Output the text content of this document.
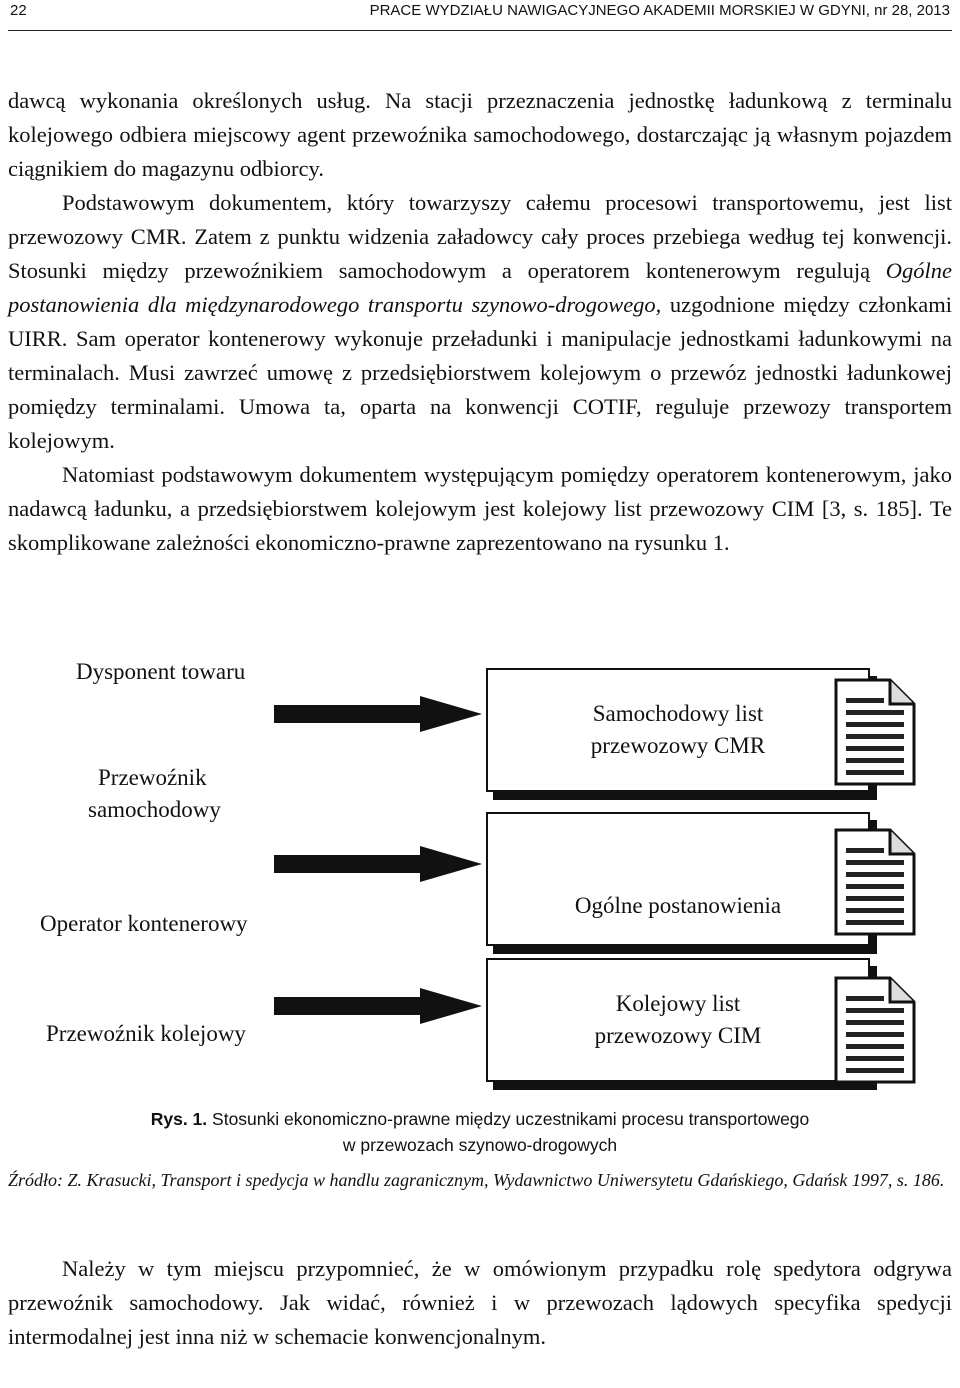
22	PRACE WYDZIAŁU NAWIGACYJNEGO AKADEMII MORSKIEJ W GDYNI, nr 28, 2013

dawcą wykonania określonych usług. Na stacji przeznaczenia jednostkę ładunkową z terminalu kolejowego odbiera miejscowy agent przewoźnika samochodowego, dostarczając ją własnym pojazdem ciągnikiem do magazynu odbiorcy.

Podstawowym dokumentem, który towarzyszy całemu procesowi transportowemu, jest list przewozowy CMR. Zatem z punktu widzenia załadowcy cały proces przebiega według tej konwencji. Stosunki między przewoźnikiem samochodowym a operatorem kontenerowym regulują Ogólne postanowienia dla międzynarodowego transportu szynowo-drogowego, uzgodnione między członkami UIRR. Sam operator kontenerowy wykonuje przeładunki i manipulacje jednostkami ładunkowymi na terminalach. Musi zawrzeć umowę z przedsiębiorstwem kolejowym o przewóz jednostki ładunkowej pomiędzy terminalami. Umowa ta, oparta na konwencji COTIF, reguluje przewozy transportem kolejowym.

Natomiast podstawowym dokumentem występującym pomiędzy operatorem kontenerowym, jako nadawcą ładunku, a przedsiębiorstwem kolejowym jest kolejowy list przewozowy CIM [3, s. 185]. Te skomplikowane zależności ekonomiczno-prawne zaprezentowano na rysunku 1.

Dysponent towaru
Przewoźnik
samochodowy
Operator kontenerowy
Przewoźnik kolejowy
Samochodowy list
przewozowy CMR
Ogólne postanowienia
Kolejowy list
przewozowy CIM
Rys. 1. Stosunki ekonomiczno-prawne między uczestnikami procesu transportowego
w przewozach szynowo-drogowych
Źródło: Z. Krasucki, Transport i spedycja w handlu zagranicznym, Wydawnictwo Uniwersytetu Gdańskiego, Gdańsk 1997, s. 186.

Należy w tym miejscu przypomnieć, że w omówionym przypadku rolę spedytora odgrywa przewoźnik samochodowy. Jak widać, również i w przewozach lądowych specyfika spedycji intermodalnej jest inna niż w schemacie konwencjonalnym.
